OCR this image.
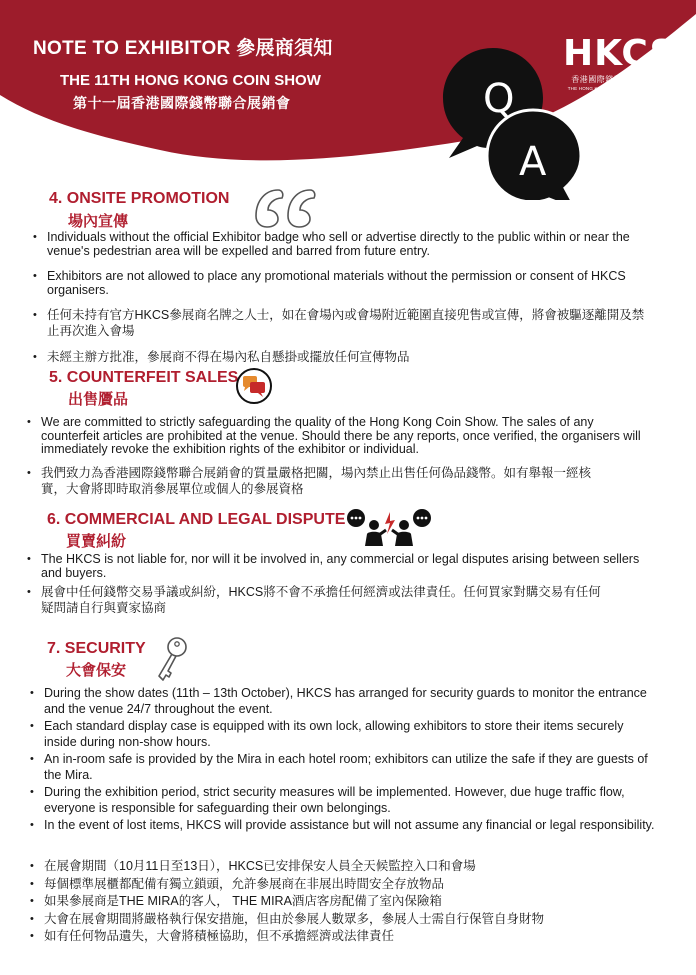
NOTE TO EXHIBITOR 參展商須知
THE 11TH HONG KONG COIN SHOW
第十一屆香港國際錢幣聯合展銷會
HKCS
香港國際錢幣聯合展銷會
THE HONG KONG COIN SHOW (HKCS) EST. 2016
Q
A
4. ONSITE PROMOTION
場內宣傳
• Individuals without the official Exhibitor badge who sell or advertise directly to the public within or near the venue's pedestrian area will be expelled and barred from future entry.
• Exhibitors are not allowed to place any promotional materials without the permission or consent of HKCS organisers.
• 任何未持有官方HKCS參展商名牌之人士，如在會場內或會場附近範圍直接兜售或宣傳，將會被驅逐離開及禁止再次進入會場
• 未經主辦方批准，參展商不得在場內私自懸掛或擺放任何宣傳物品
5. COUNTERFEIT SALES
出售贗品
• We are committed to strictly safeguarding the quality of the Hong Kong Coin Show. The sales of any counterfeit articles are prohibited at the venue. Should there be any reports, once verified, the organisers will immediately revoke the exhibition rights of the exhibitor or individual.
• 我們致力為香港國際錢幣聯合展銷會的質量嚴格把關，場內禁止出售任何偽品錢幣。如有舉報一經核實，大會將即時取消參展單位或個人的參展資格
6. COMMERCIAL AND LEGAL DISPUTE
買賣糾紛
• The HKCS is not liable for, nor will it be involved in, any commercial or legal disputes arising between sellers and buyers.
• 展會中任何錢幣交易爭議或糾紛，HKCS將不會不承擔任何經濟或法律責任。任何買家對購交易有任何疑問請自行與賣家協商
7. SECURITY
大會保安
• During the show dates (11th – 13th October), HKCS has arranged for security guards to monitor the entrance and the venue 24/7 throughout the event.
• Each standard display case is equipped with its own lock, allowing exhibitors to store their items securely inside during non-show hours.
• An in-room safe is provided by the Mira in each hotel room; exhibitors can utilize the safe if they are guests of the Mira.
• During the exhibition period, strict security measures will be implemented. However, due huge traffic flow, everyone is responsible for safeguarding their own belongings.
• In the event of lost items, HKCS will provide assistance but will not assume any financial or legal responsibility.
• 在展會期間（10月11日至13日），HKCS已安排保安人員全天候監控入口和會場
• 每個標準展櫃都配備有獨立鎖頭，允許參展商在非展出時間安全存放物品
• 如果參展商是THE MIRA的客人， THE MIRA酒店客房配備了室內保險箱
• 大會在展會期間將嚴格執行保安措施，但由於參展人數眾多，參展人士需自行保管自身財物
• 如有任何物品遺失，大會將積極協助，但不承擔經濟或法律責任
